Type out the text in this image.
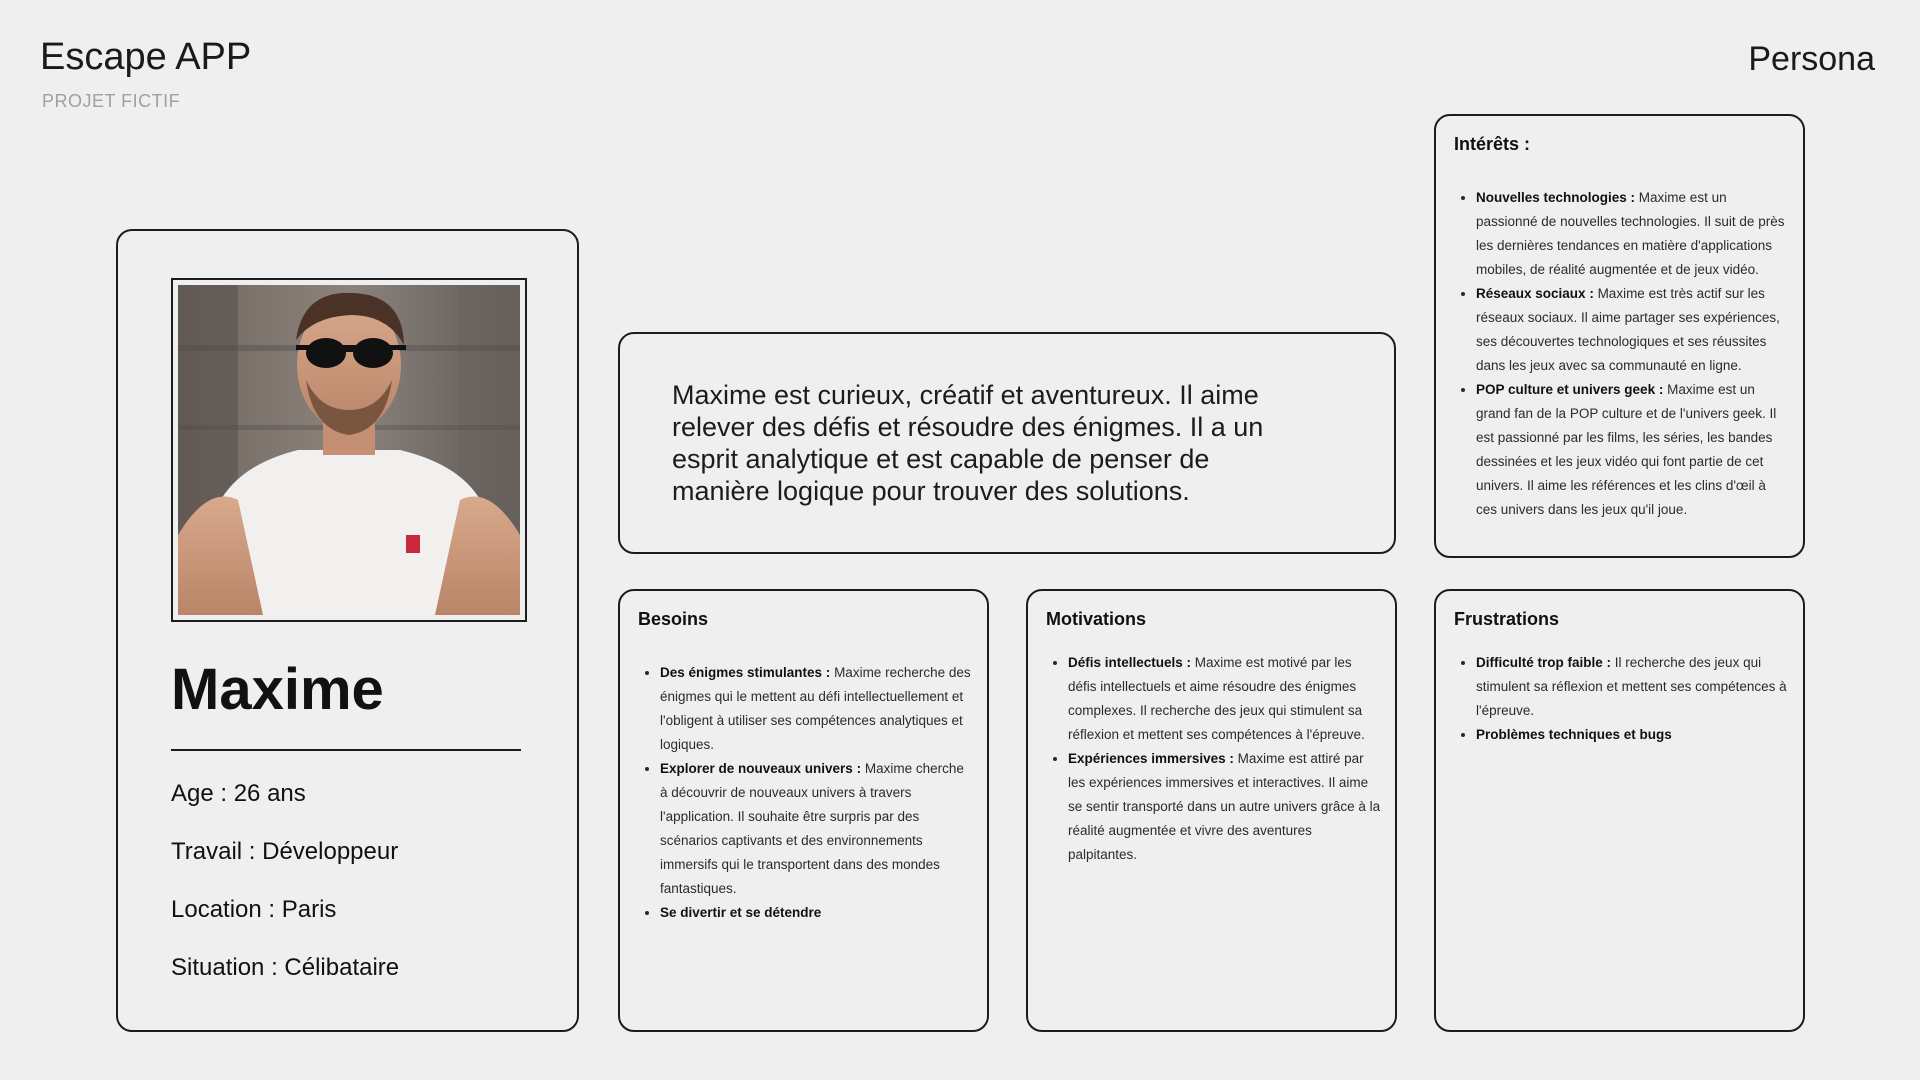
Escape APP
PROJET FICTIF
Persona
Maxime
Age : 26 ans
Travail : Développeur
Location : Paris
Situation : Célibataire
Maxime est curieux, créatif et aventureux. Il aime relever des défis et résoudre des énigmes. Il a un esprit analytique et est capable de penser de manière logique pour trouver des solutions.
Intérêts :
• Nouvelles technologies : Maxime est un passionné de nouvelles technologies. Il suit de près les dernières tendances en matière d'applications mobiles, de réalité augmentée et de jeux vidéo.
• Réseaux sociaux : Maxime est très actif sur les réseaux sociaux. Il aime partager ses expériences, ses découvertes technologiques et ses réussites dans les jeux avec sa communauté en ligne.
• POP culture et univers geek : Maxime est un grand fan de la POP culture et de l'univers geek. Il est passionné par les films, les séries, les bandes dessinées et les jeux vidéo qui font partie de cet univers. Il aime les références et les clins d'œil à ces univers dans les jeux qu'il joue.
Besoins
• Des énigmes stimulantes : Maxime recherche des énigmes qui le mettent au défi intellectuellement et l'obligent à utiliser ses compétences analytiques et logiques.
• Explorer de nouveaux univers : Maxime cherche à découvrir de nouveaux univers à travers l'application. Il souhaite être surpris par des scénarios captivants et des environnements immersifs qui le transportent dans des mondes fantastiques.
• Se divertir et se détendre
Motivations
• Défis intellectuels : Maxime est motivé par les défis intellectuels et aime résoudre des énigmes complexes. Il recherche des jeux qui stimulent sa réflexion et mettent ses compétences à l'épreuve.
• Expériences immersives : Maxime est attiré par les expériences immersives et interactives. Il aime se sentir transporté dans un autre univers grâce à la réalité augmentée et vivre des aventures palpitantes.
Frustrations
• Difficulté trop faible : Il recherche des jeux qui stimulent sa réflexion et mettent ses compétences à l'épreuve.
• Problèmes techniques et bugs
